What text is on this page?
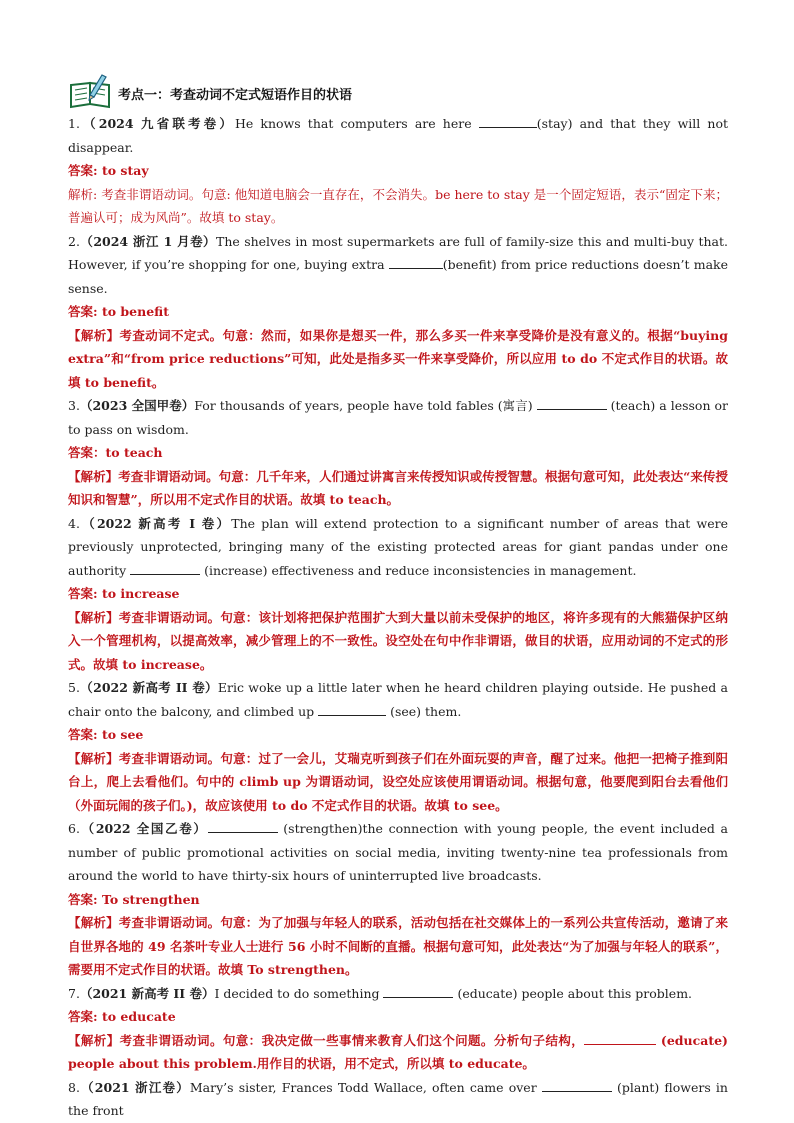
考点一：考查动词不定式短语作目的状语
1.（2024 九省联考卷）He knows that computers are here	(stay) and that they will not disappear.
答案: to stay
解析: 考查非谓语动词。句意: 他知道电脑会一直存在，不会消失。be here to stay 是一个固定短语，表示“固定下来；普遍认可；成为风尚”。故填 to stay。
2.（2024 浙江 1 月卷）The shelves in most supermarkets are full of family-size this and multi-buy that. However, if you’re shopping for one, buying extra	(benefit) from price reductions doesn’t make sense.
答案: to benefit
【解析】考查动词不定式。句意：然而，如果你是想买一件，那么多买一件来享受降价是没有意义的。根据“buying extra”和“from price reductions”可知，此处是指多买一件来享受降价，所以应用 to do 不定式作目的状语。故填 to benefit。
3.（2023 全国甲卷）For thousands of years, people have told fables (寓言)	(teach) a lesson or to pass on wisdom.
答案：to teach
【解析】考查非谓语动词。句意：几千年来，人们通过讲寓言来传授知识或传授智慧。根据句意可知，此处表达“来传授知识和智慧”，所以用不定式作目的状语。故填 to teach。
4.（2022 新高考 I 卷）The plan will extend protection to a significant number of areas that were previously unprotected, bringing many of the existing protected areas for giant pandas under one authority	(increase) effectiveness and reduce inconsistencies in management.
答案: to increase
【解析】考查非谓语动词。句意：该计划将把保护范围扩大到大量以前未受保护的地区，将许多现有的大熊猫保护区纳入一个管理机构，以提高效率，减少管理上的不一致性。设空处在句中作非谓语，做目的状语，应用动词的不定式的形式。故填 to increase。
5.（2022 新高考 II 卷）Eric woke up a little later when he heard children playing outside. He pushed a chair onto the balcony, and climbed up	(see) them.
答案: to see
【解析】考查非谓语动词。句意：过了一会儿，艾瑞克听到孩子们在外面玩耍的声音，醒了过来。他把一把椅子推到阳台上，爬上去看他们。句中的 climb up 为谓语动词，设空处应该使用谓语动词。根据句意，他要爬到阳台去看他们（外面玩闹的孩子们。)，故应该使用 to do 不定式作目的状语。故填 to see。
6.（2022 全国乙卷）	(strengthen)the connection with young people, the event included a number of public promotional activities on social media, inviting twenty-nine tea professionals from around the world to have thirty-six hours of uninterrupted live broadcasts.
答案: To strengthen
【解析】考查非谓语动词。句意：为了加强与年轻人的联系，活动包括在社交媒体上的一系列公共宣传活动，邀请了来自世界各地的 49 名茶叶专业人士进行 56 小时不间断的直播。根据句意可知，此处表达“为了加强与年轻人的联系”，需要用不定式作目的状语。故填 To strengthen。
7.（2021 新高考 II 卷）I decided to do something	(educate) people about this problem.
答案: to educate
【解析】考查非谓语动词。句意：我决定做一些事情来教育人们这个问题。分析句子结构，	(educate) people about this problem.用作目的状语，用不定式，所以填 to educate。
8.（2021 浙江卷）Mary’s sister, Frances Todd Wallace, often came over	(plant) flowers in the front
